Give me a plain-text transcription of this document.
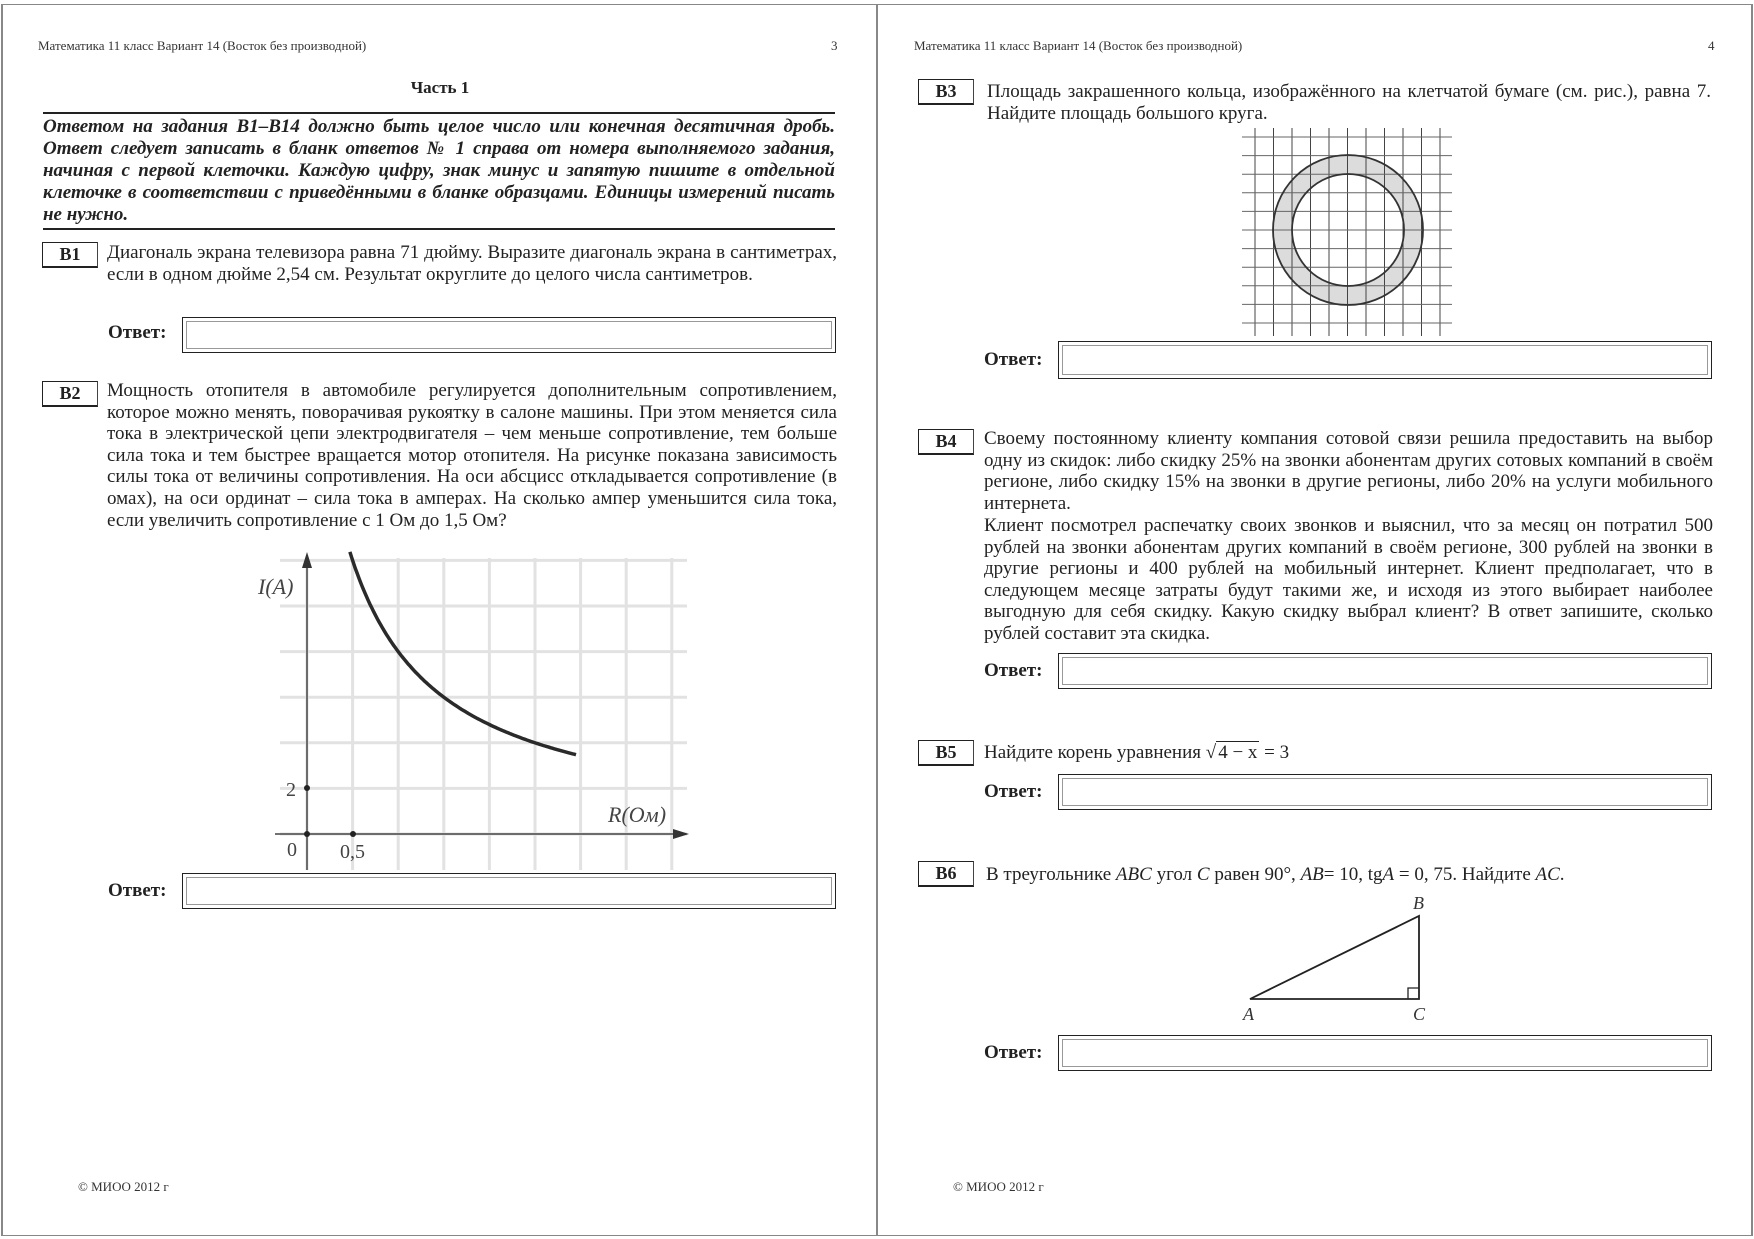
Математика 11 класс Вариант 14 (Восток без производной)	3
Часть 1
Ответом на задания B1–B14 должно быть целое число или конечная десятичная дробь. Ответ следует записать в бланк ответов № 1 справа от номера выполняемого задания, начиная с первой клеточки. Каждую цифру, знак минус и запятую пишите в отдельной клеточке в соответствии с приведёнными в бланке образцами. Единицы измерений писать не нужно.
B1	Диагональ экрана телевизора равна 71 дюйму. Выразите диагональ экрана в сантиметрах, если в одном дюйме 2,54 см. Результат округлите до целого числа сантиметров.
Ответ:
B2	Мощность отопителя в автомобиле регулируется дополнительным сопротивлением, которое можно менять, поворачивая рукоятку в салоне машины. При этом меняется сила тока в электрической цепи электродвигателя – чем меньше сопротивление, тем больше сила тока и тем быстрее вращается мотор отопителя. На рисунке показана зависимость силы тока от величины сопротивления. На оси абсцисс откладывается сопротивление (в омах), на оси ординат – сила тока в амперах. На сколько ампер уменьшится сила тока, если увеличить сопротивление с 1 Ом до 1,5 Ом?
I(A)
R(Ом)
2
0 0,5
Ответ:
© МИОО 2012 г
Математика 11 класс Вариант 14 (Восток без производной)	4
B3	Площадь закрашенного кольца, изображённого на клетчатой бумаге (см. рис.), равна 7. Найдите площадь большого круга.
Ответ:
B4	Своему постоянному клиенту компания сотовой связи решила предоставить на выбор одну из скидок: либо скидку 25% на звонки абонентам других сотовых компаний в своём регионе, либо скидку 15% на звонки в другие регионы, либо 20% на услуги мобильного интернета.
Клиент посмотрел распечатку своих звонков и выяснил, что за месяц он потратил 500 рублей на звонки абонентам других компаний в своём регионе, 300 рублей на звонки в другие регионы и 400 рублей на мобильный интернет. Клиент предполагает, что в следующем месяце затраты будут такими же, и исходя из этого выбирает наиболее выгодную для себя скидку. Какую скидку выбрал клиент? В ответ запишите, сколько рублей составит эта скидка.
Ответ:
B5	Найдите корень уравнения √ 4 − x = 3
Ответ:
B6	В треугольнике ABC угол C равен 90°, AB= 10, tgA = 0, 75. Найдите AC.
A
B
C
Ответ:
© МИОО 2012 г
